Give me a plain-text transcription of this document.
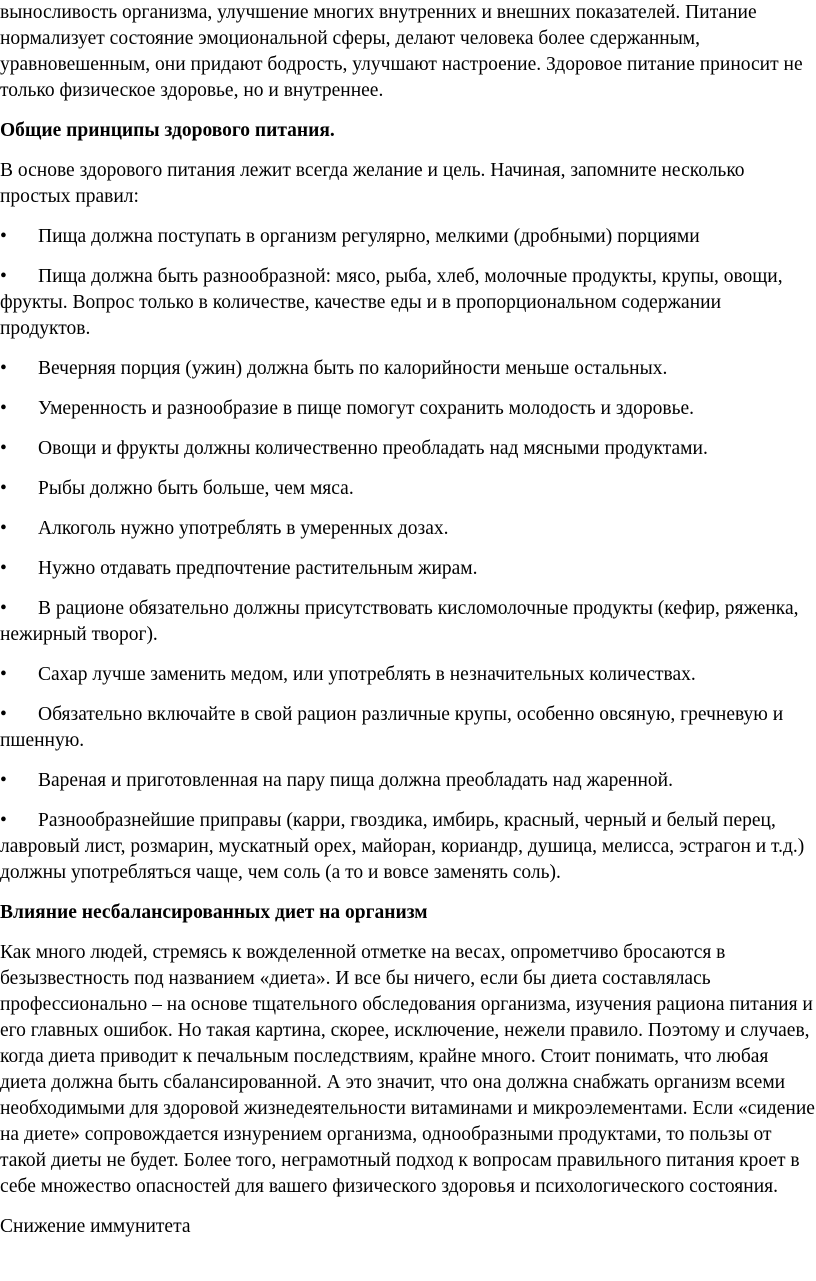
выносливость организма, улучшение многих внутренних и внешних показателей. Питание нормализует состояние эмоциональной сферы, делают человека более сдержанным, уравновешенным, они придают бодрость, улучшают настроение. Здоровое питание приносит не только физическое здоровье, но и внутреннее.

Общие принципы здорового питания.

В основе здорового питания лежит всегда желание и цель. Начиная, запомните несколько простых правил:

• Пища должна поступать в организм регулярно, мелкими (дробными) порциями

• Пища должна быть разнообразной: мясо, рыба, хлеб, молочные продукты, крупы, овощи, фрукты. Вопрос только в количестве, качестве еды и в пропорциональном содержании продуктов.

• Вечерняя порция (ужин) должна быть по калорийности меньше остальных.

• Умеренность и разнообразие в пище помогут сохранить молодость и здоровье.

• Овощи и фрукты должны количественно преобладать над мясными продуктами.

• Рыбы должно быть больше, чем мяса.

• Алкоголь нужно употреблять в умеренных дозах.

• Нужно отдавать предпочтение растительным жирам.

• В рационе обязательно должны присутствовать кисломолочные продукты (кефир, ряженка, нежирный творог).

• Сахар лучше заменить медом, или употреблять в незначительных количествах.

• Обязательно включайте в свой рацион различные крупы, особенно овсяную, гречневую и пшенную.

• Вареная и приготовленная на пару пища должна преобладать над жаренной.

• Разнообразнейшие приправы (карри, гвоздика, имбирь, красный, черный и белый перец, лавровый лист, розмарин, мускатный орех, майоран, кориандр, душица, мелисса, эстрагон и т.д.) должны употребляться чаще, чем соль (а то и вовсе заменять соль).

Влияние несбалансированных диет на организм

Как много людей, стремясь к вожделенной отметке на весах, опрометчиво бросаются в безызвестность под названием «диета». И все бы ничего, если бы диета составлялась профессионально – на основе тщательного обследования организма, изучения рациона питания и его главных ошибок. Но такая картина, скорее, исключение, нежели правило. Поэтому и случаев, когда диета приводит к печальным последствиям, крайне много. Стоит понимать, что любая диета должна быть сбалансированной. А это значит, что она должна снабжать организм всеми необходимыми для здоровой жизнедеятельности витаминами и микроэлементами. Если «сидение на диете» сопровождается изнурением организма, однообразными продуктами, то пользы от такой диеты не будет. Более того, неграмотный подход к вопросам правильного питания кроет в себе множество опасностей для вашего физического здоровья и психологического состояния.

Снижение иммунитета
